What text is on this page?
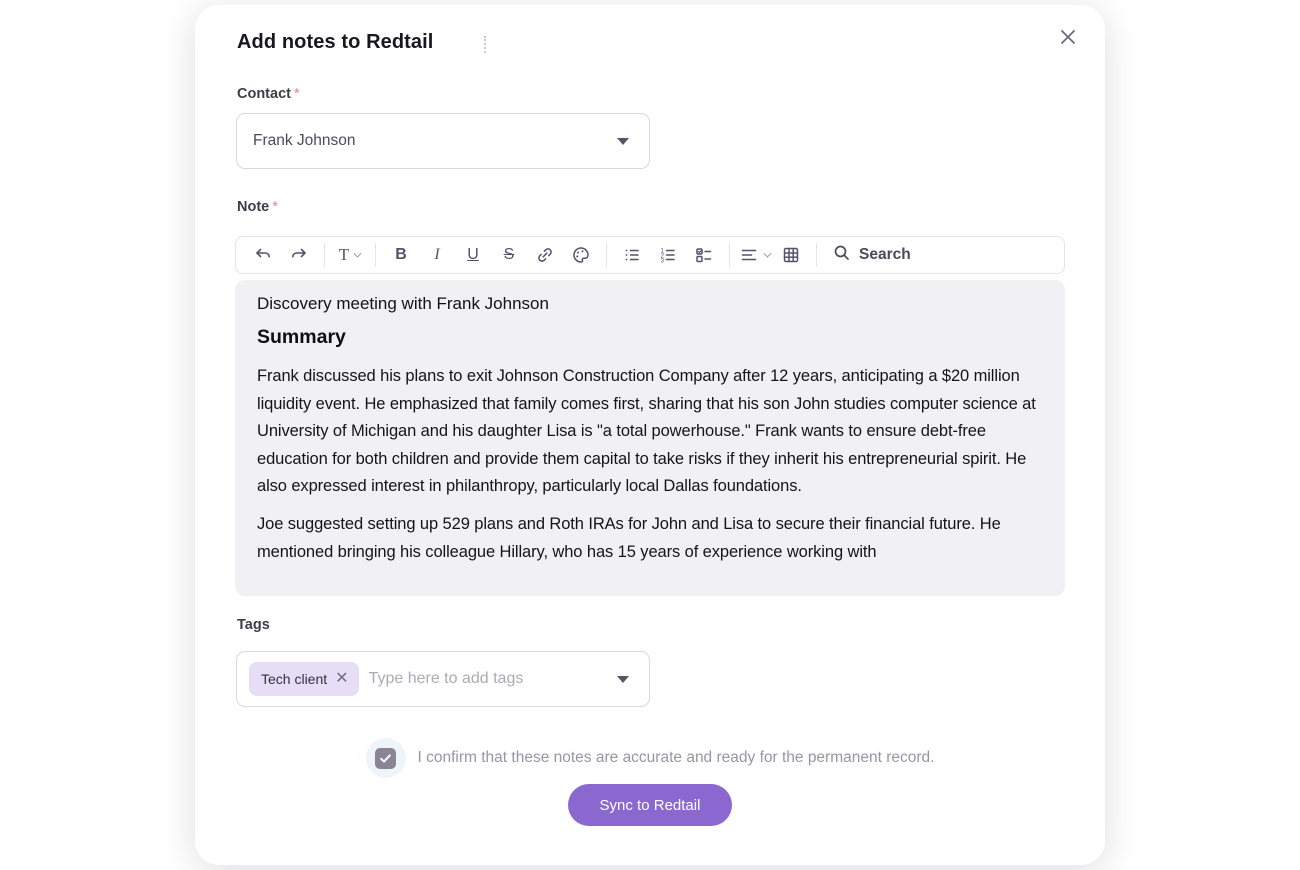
Add notes to Redtail
Contact *
Frank Johnson
Note *
T	B I U S	1
2
3	Search
Discovery meeting with Frank Johnson
Summary

Frank discussed his plans to exit Johnson Construction Company after 12 years, anticipating a $20 million liquidity event. He emphasized that family comes first, sharing that his son John studies computer science at University of Michigan and his daughter Lisa is "a total powerhouse." Frank wants to ensure debt-free education for both children and provide them capital to take risks if they inherit his entrepreneurial spirit. He also expressed interest in philanthropy, particularly local Dallas foundations.

Joe suggested setting up 529 plans and Roth IRAs for John and Lisa to secure their financial future. He mentioned bringing his colleague Hillary, who has 15 years of experience working with

Tags
Tech client ✕
Type here to add tags
I confirm that these notes are accurate and ready for the permanent record.
Sync to Redtail
